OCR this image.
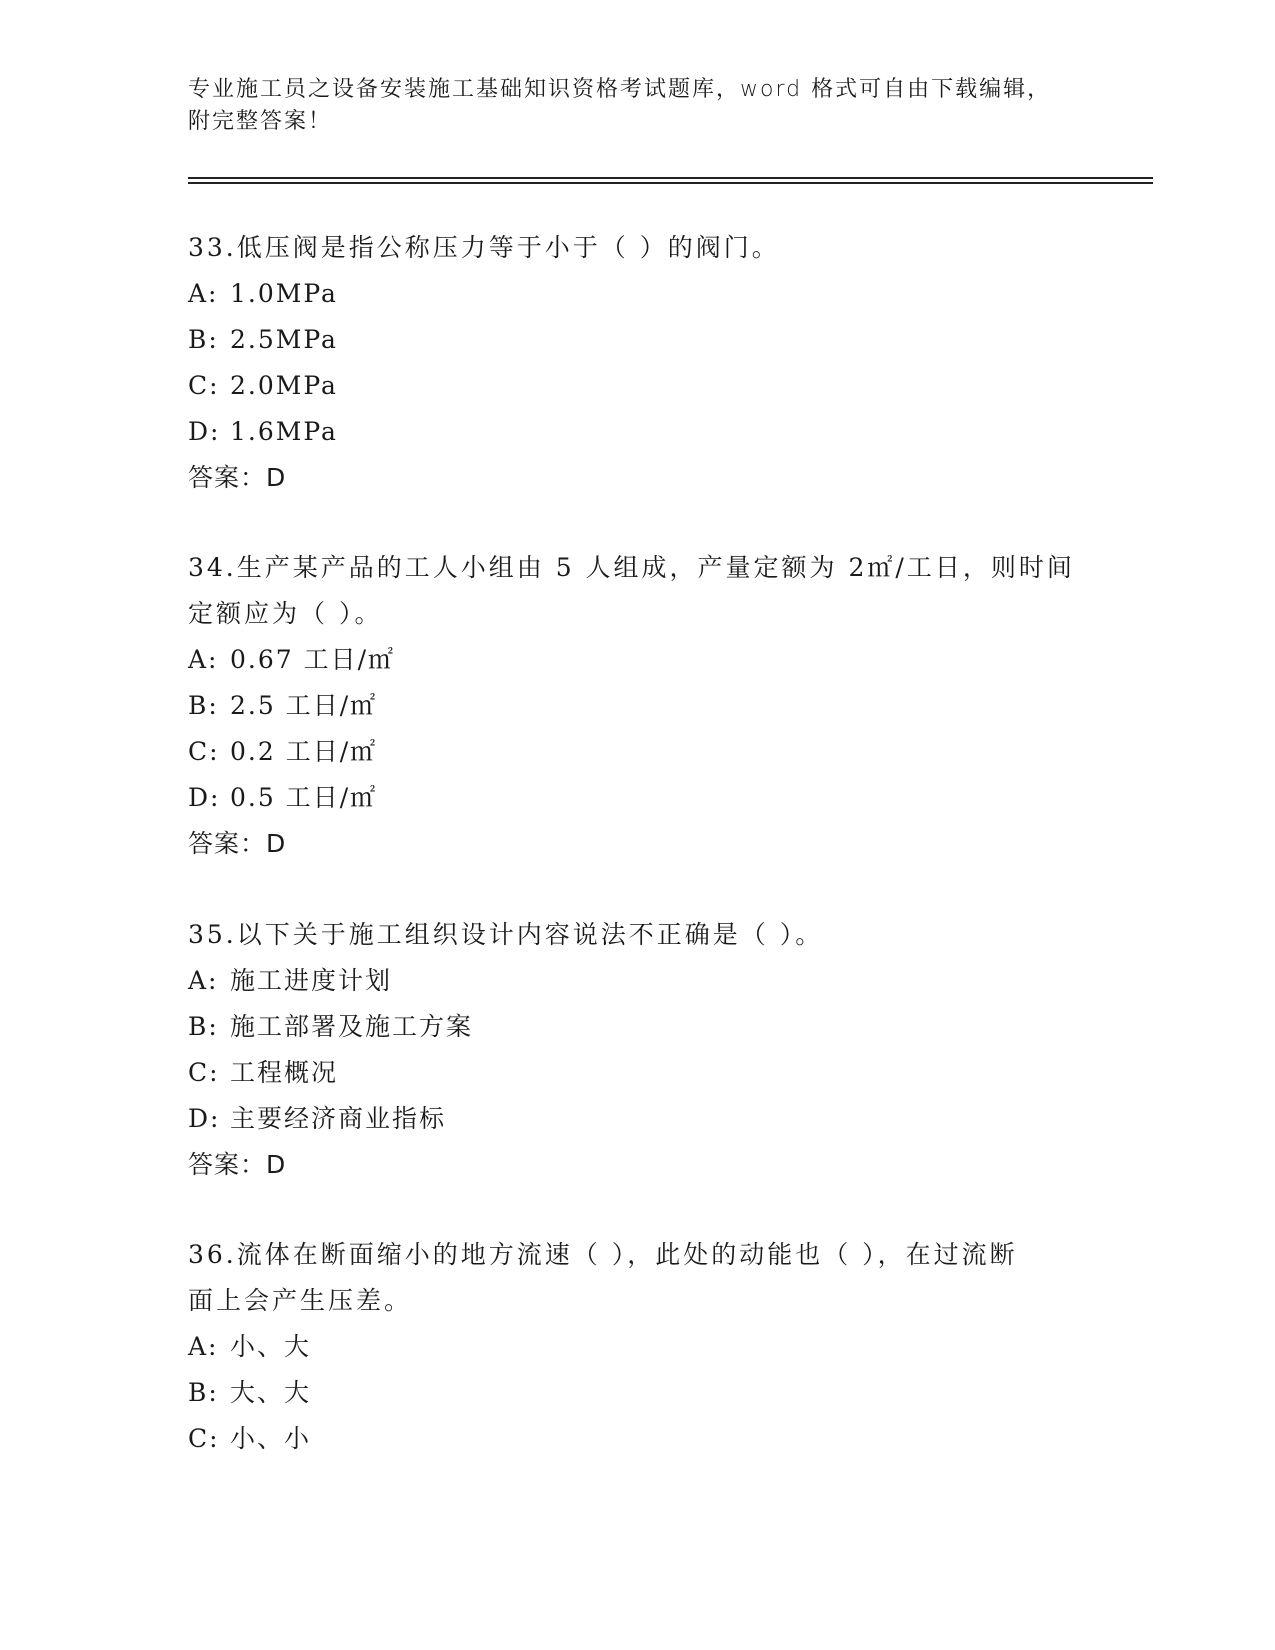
专业施工员之设备安装施工基础知识资格考试题库，word 格式可自由下载编辑，
附完整答案！
33.低压阀是指公称压力等于小于（ ）的阀门。
A: 1.0MPa
B: 2.5MPa
C: 2.0MPa
D: 1.6MPa
答案：D
34.生产某产品的工人小组由 5 人组成，产量定额为 2㎡/工日，则时间
定额应为（ ）。
A: 0.67 工日/㎡
B: 2.5 工日/㎡
C: 0.2 工日/㎡
D: 0.5 工日/㎡
答案：D
35.以下关于施工组织设计内容说法不正确是（ ）。
A: 施工进度计划
B: 施工部署及施工方案
C: 工程概况
D: 主要经济商业指标
答案：D
36.流体在断面缩小的地方流速（ ），此处的动能也（ ），在过流断
面上会产生压差。
A: 小、大
B: 大、大
C: 小、小
